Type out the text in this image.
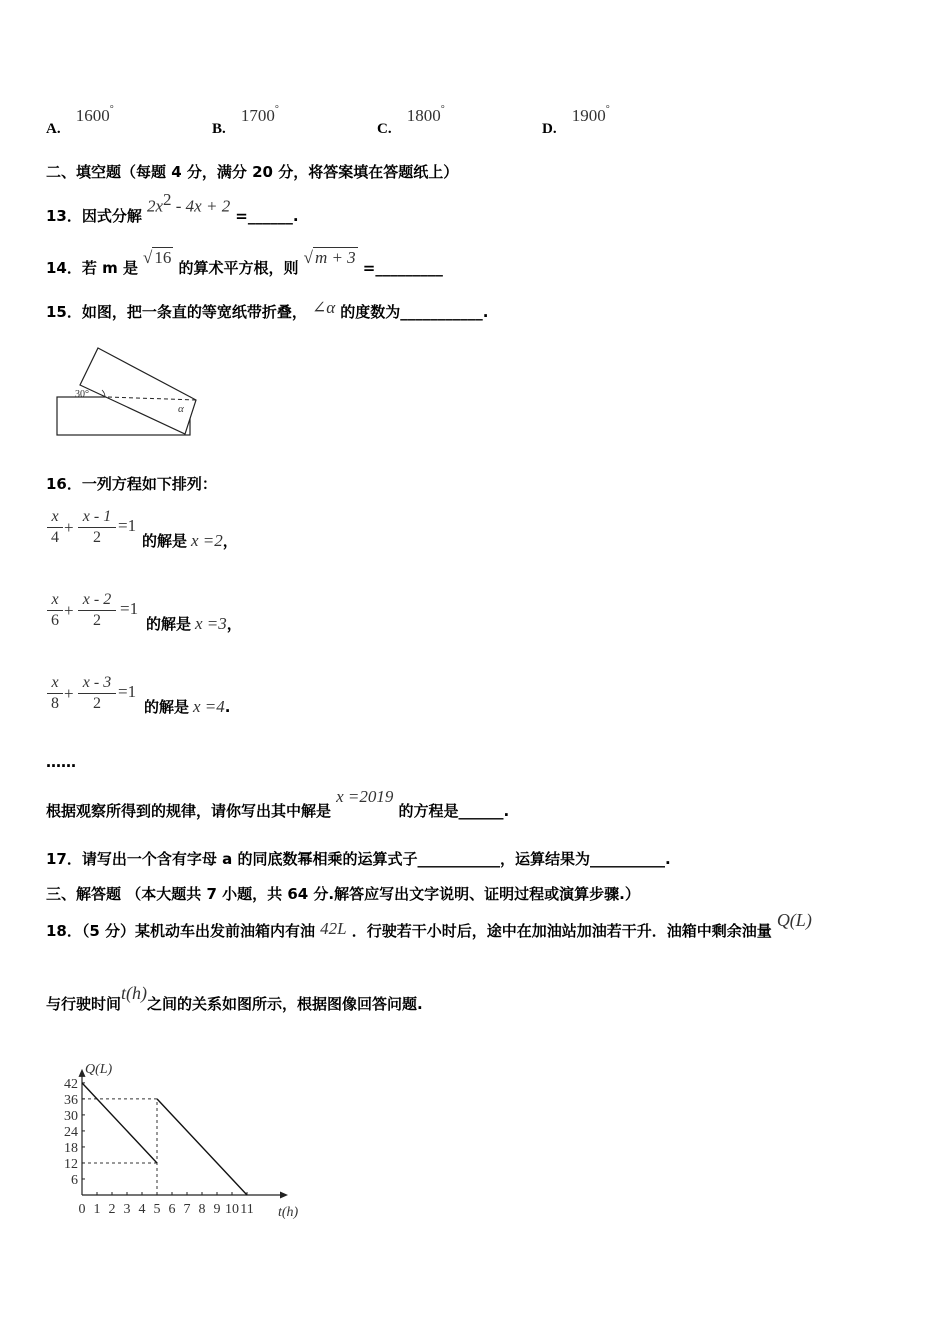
A. 1600°
B. 1700°
C. 1800°
D. 1900°
二、填空题（每题 4 分，满分 20 分，将答案填在答题纸上）
13．因式分解 $2x^2 - 4x + 2$ =______.
14．若 m 是 √ 16 的算术平方根，则 √ m + 3 =_________
15．如图，把一条直的等宽纸带折叠， ∠α 的度数为___________.
30°
α
16．一列方程如下排列：
x
4
+
x - 1
2
=1
的解是 x =2，
x
6
+
x - 2
2
=1
的解是 x =3，
x
8
+
x - 3
2
=1
的解是 x =4.
……
根据观察所得到的规律，请你写出其中解是 x =2019 的方程是______.
17．请写出一个含有字母 a 的同底数幂相乘的运算式子___________，运算结果为__________.
三、解答题 （本大题共 7 小题，共 64 分.解答应写出文字说明、证明过程或演算步骤.）
18．（5 分）某机动车出发前油箱内有油 42L ．行驶若干小时后，途中在加油站加油若干升．油箱中剩余油量 Q(L)
与行驶时间t(h)之间的关系如图所示，根据图像回答问题.
t(h)
Q(L)
0 1 2 3 4 5 6 7 8 9 10 11
42
36
30
24
18
12
6
